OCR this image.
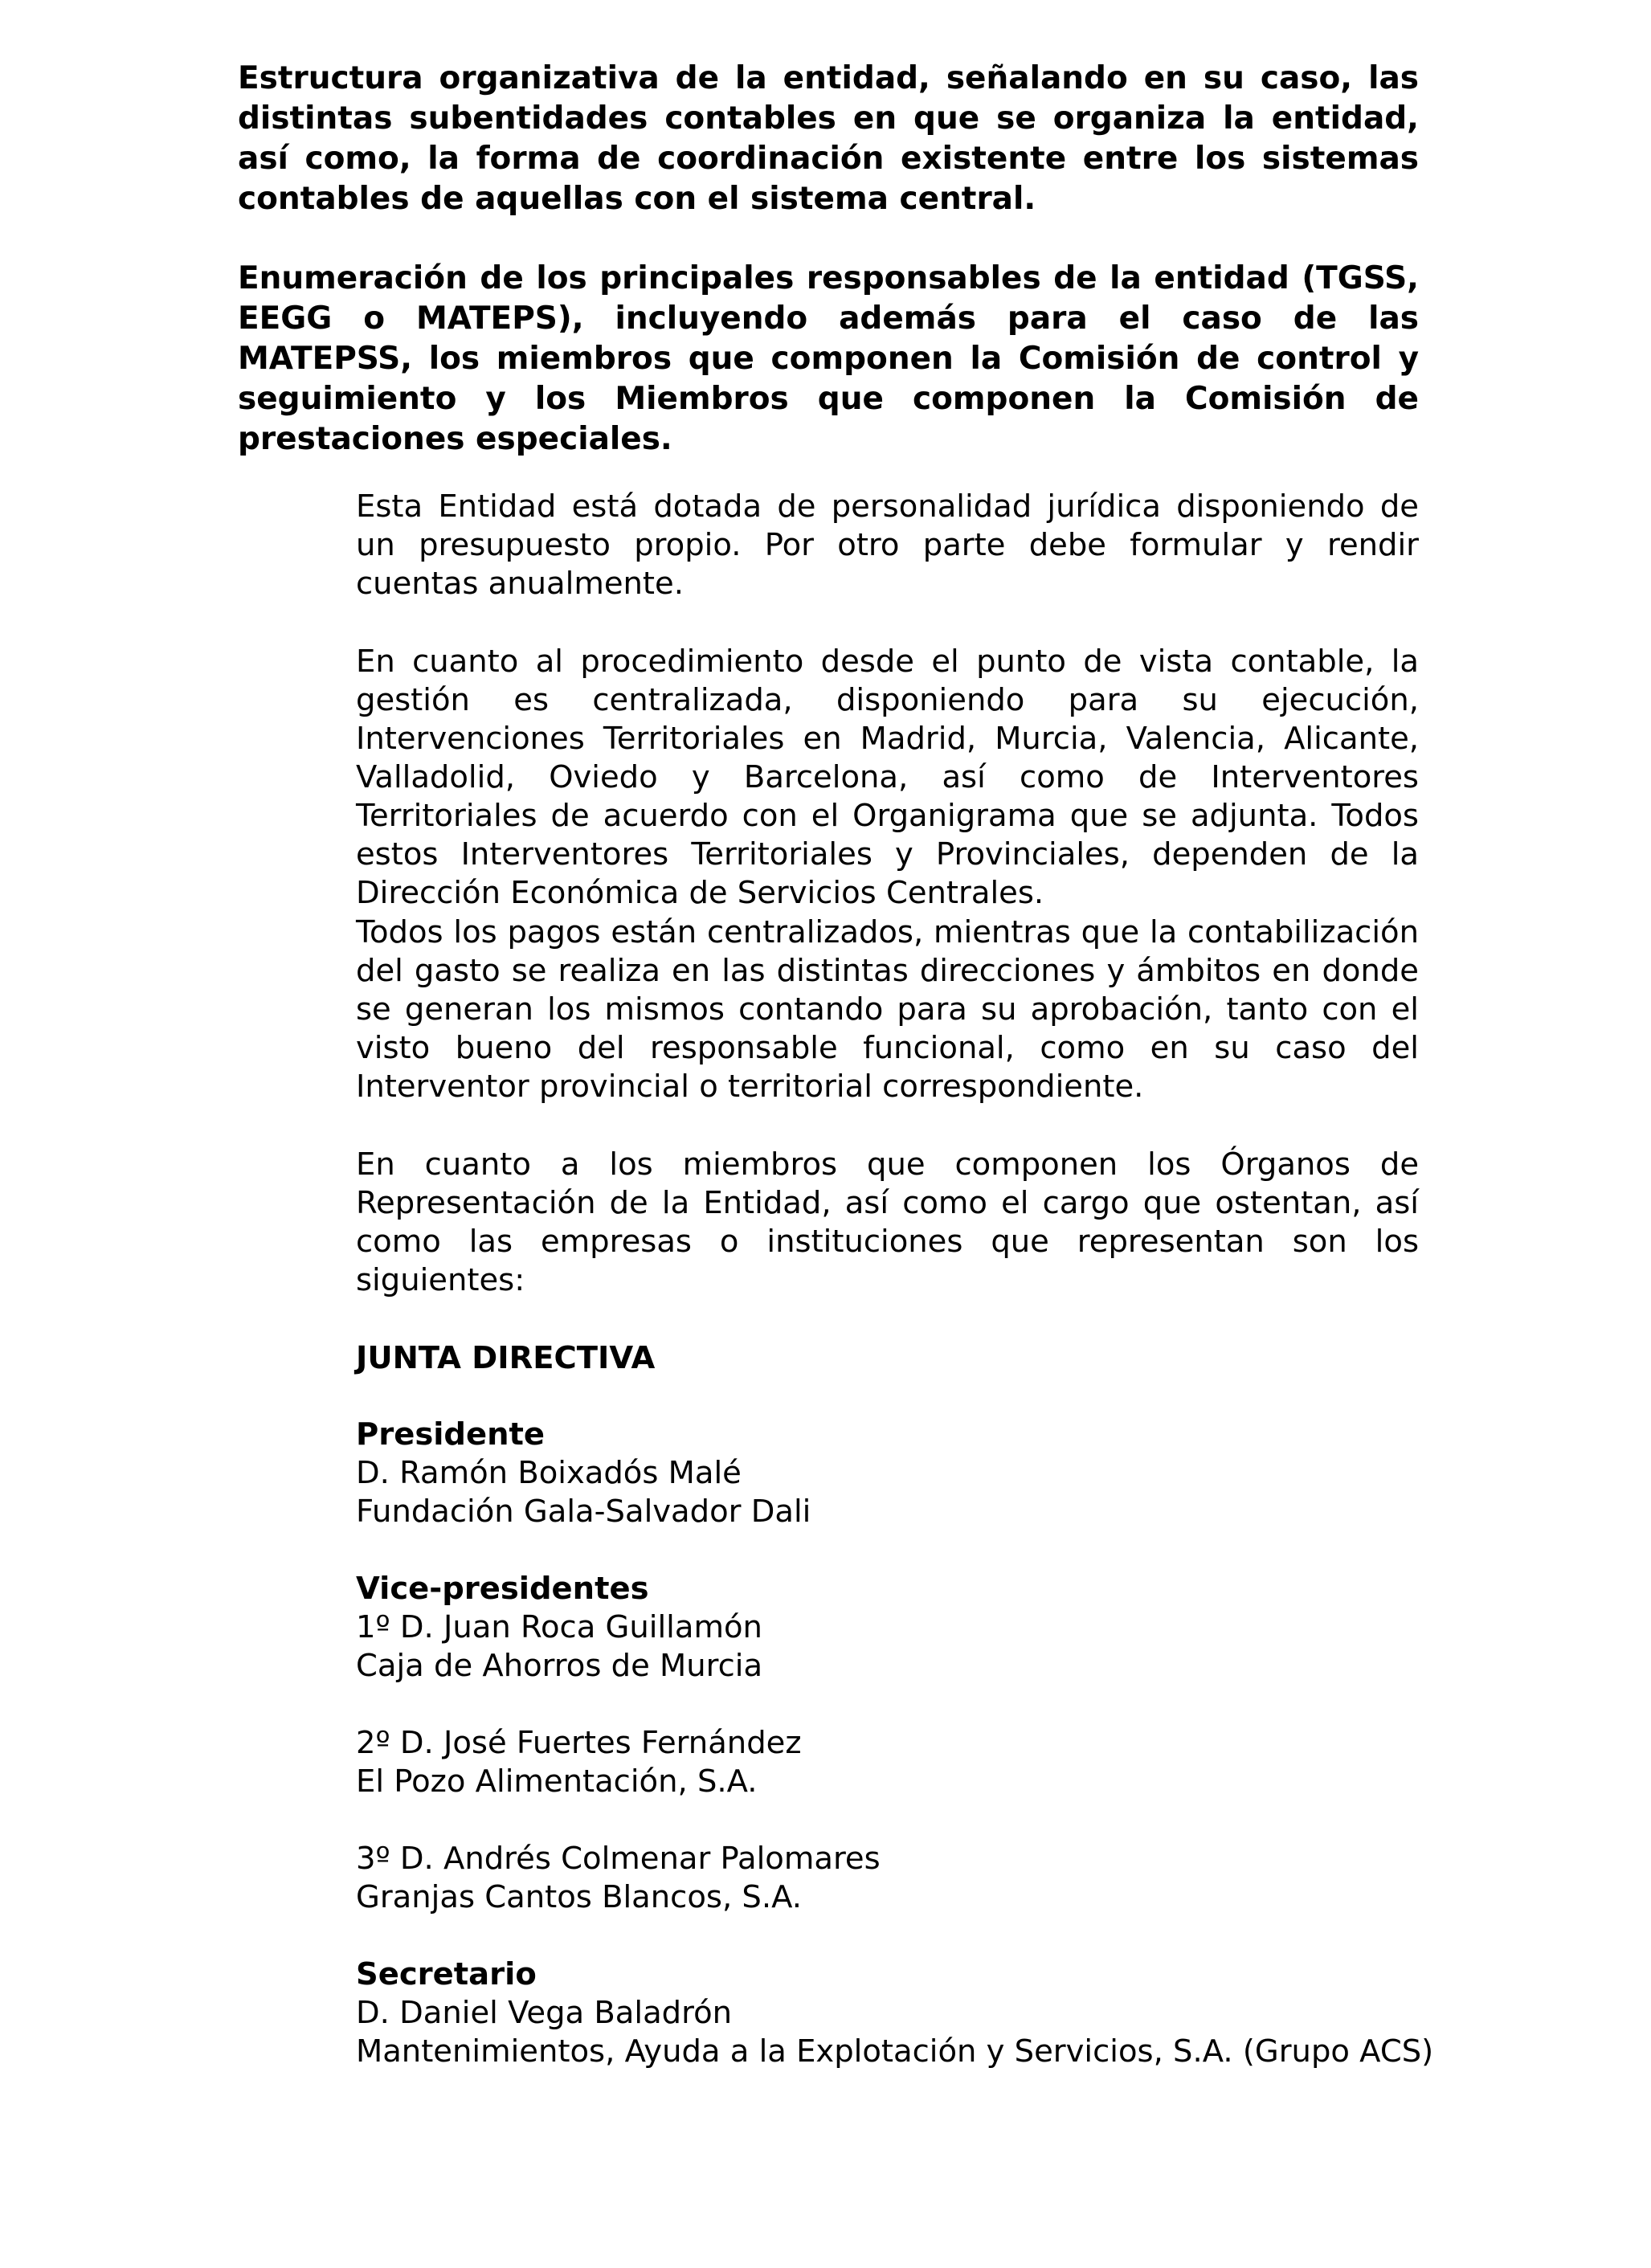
Estructura organizativa de la entidad, señalando en su caso, las distintas subentidades contables en que se organiza la entidad, así como, la forma de coordinación existente entre los sistemas contables de aquellas con el sistema central.

Enumeración de los principales responsables de la entidad (TGSS, EEGG o MATEPS), incluyendo además para el caso de las MATEPSS, los miembros que componen la Comisión de control y seguimiento y los Miembros que componen la Comisión de prestaciones especiales.

Esta Entidad está dotada de personalidad jurídica disponiendo de un presupuesto propio. Por otro parte debe formular y rendir cuentas anualmente.

En cuanto al procedimiento desde el punto de vista contable, la gestión es centralizada, disponiendo para su ejecución, Intervenciones Territoriales en Madrid, Murcia, Valencia, Alicante, Valladolid, Oviedo y Barcelona, así como de Interventores Territoriales de acuerdo con el Organigrama que se adjunta. Todos estos Interventores Territoriales y Provinciales, dependen de la Dirección Económica de Servicios Centrales.

Todos los pagos están centralizados, mientras que la contabilización del gasto se realiza en las distintas direcciones y ámbitos en donde se generan los mismos contando para su aprobación, tanto con el visto bueno del responsable funcional, como en su caso del Interventor provincial o territorial correspondiente.

En cuanto a los miembros que componen los Órganos de Representación de la Entidad, así como el cargo que ostentan, así como las empresas o instituciones que representan son los siguientes:

JUNTA DIRECTIVA

Presidente
D. Ramón Boixadós Malé
Fundación Gala-Salvador Dali
Vice-presidentes
1º D. Juan Roca Guillamón
Caja de Ahorros de Murcia
2º D. José Fuertes Fernández
El Pozo Alimentación, S.A.
3º D. Andrés Colmenar Palomares
Granjas Cantos Blancos, S.A.
Secretario
D. Daniel Vega Baladrón
Mantenimientos, Ayuda a la Explotación y Servicios, S.A. (Grupo ACS)
